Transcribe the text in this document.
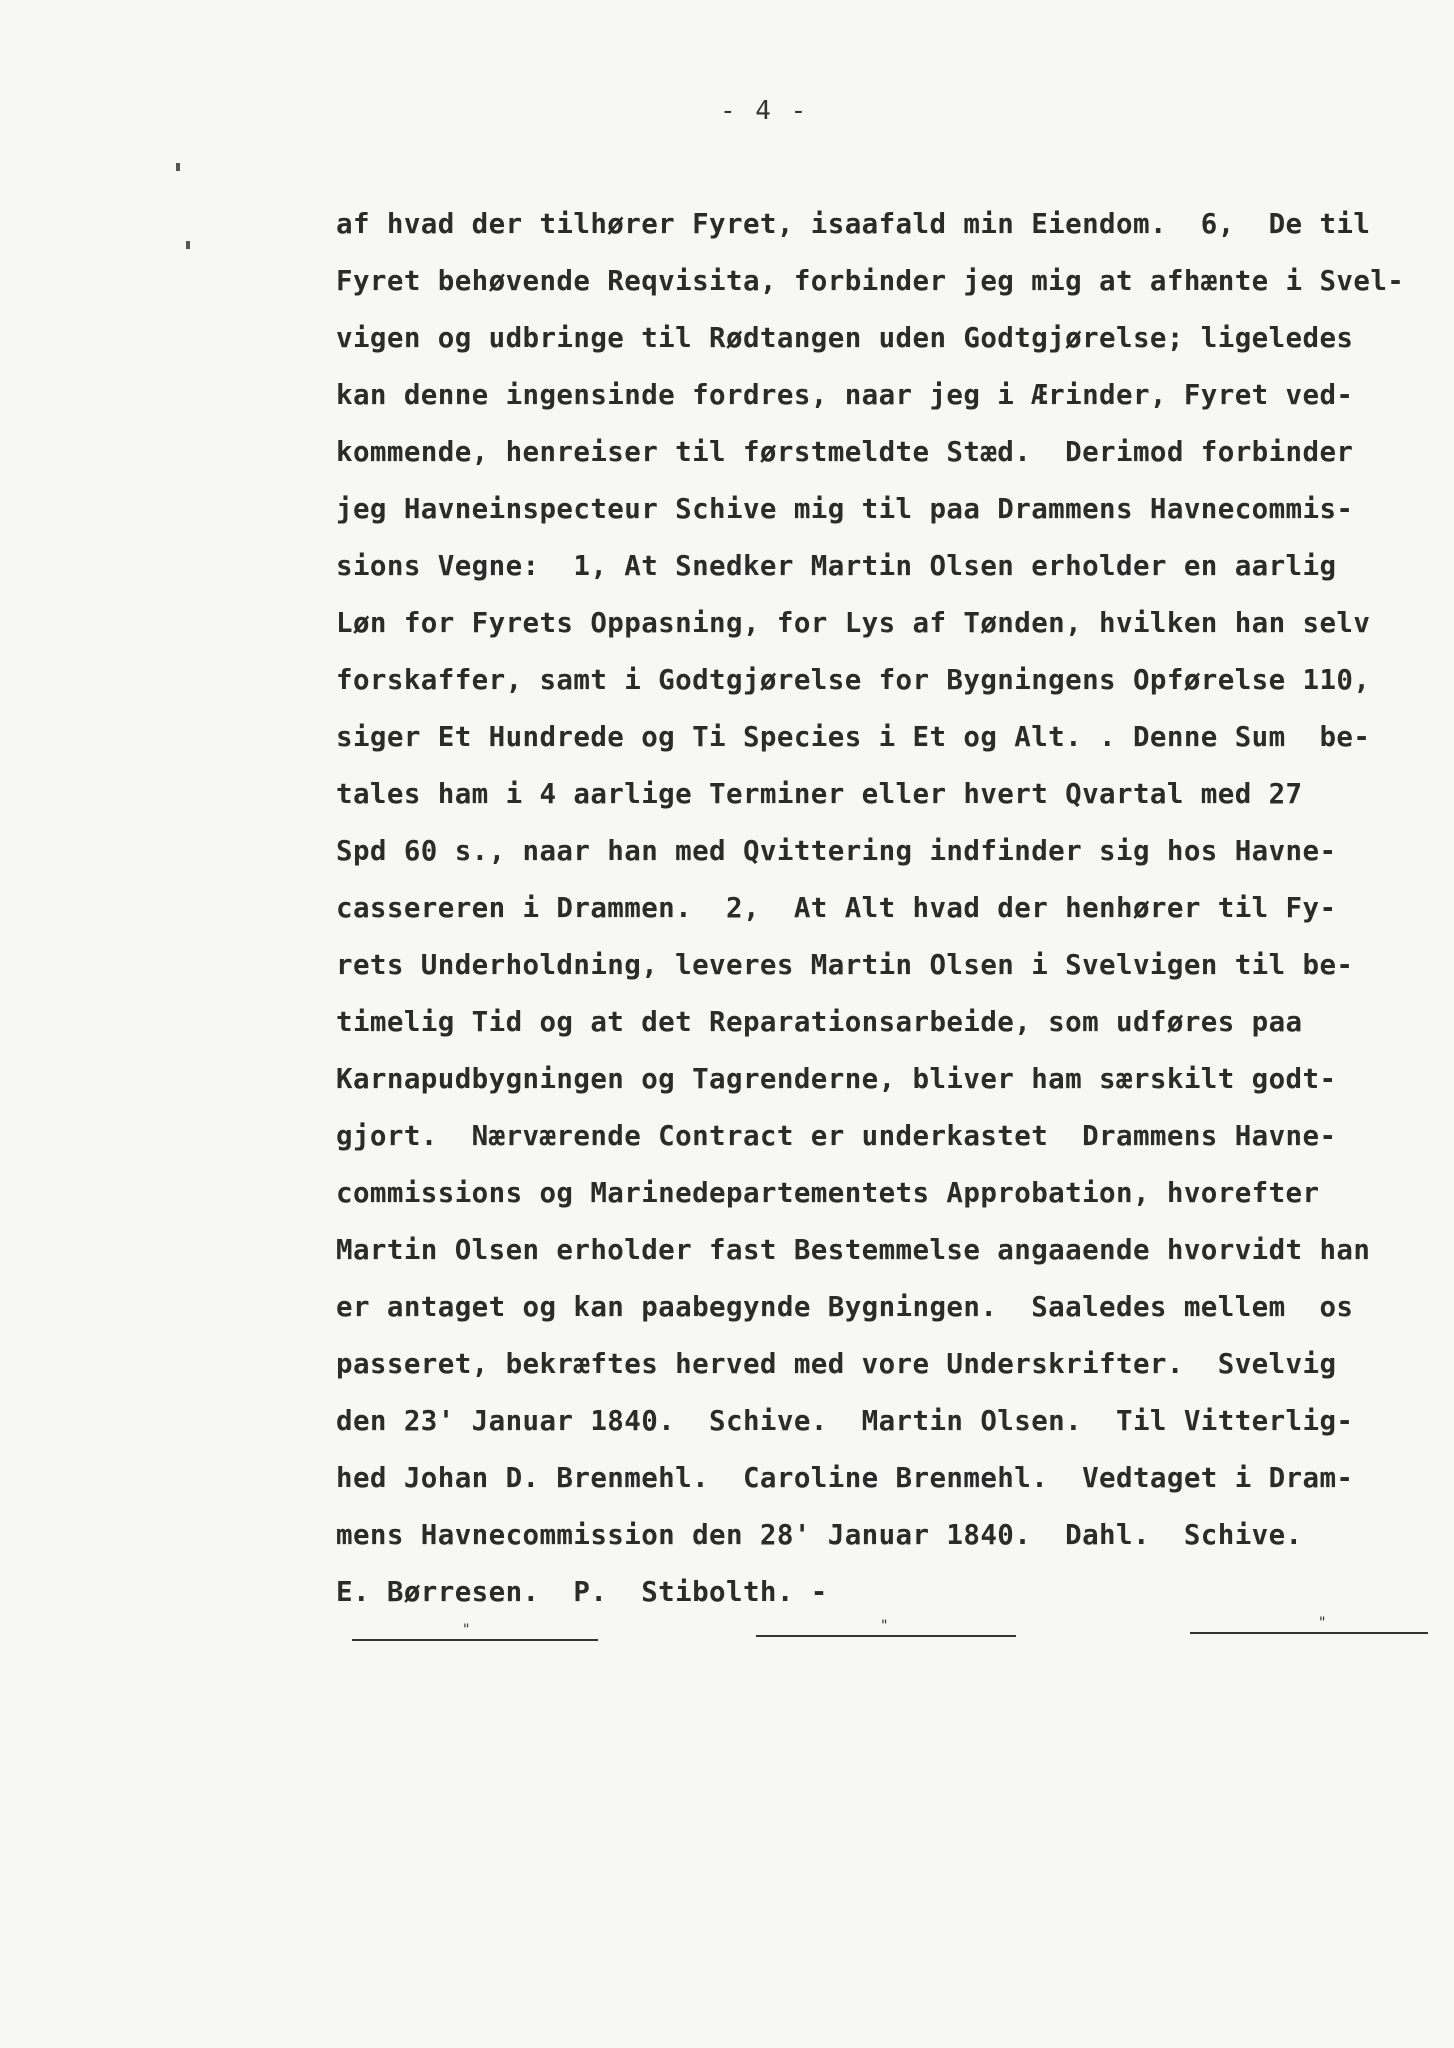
- 4 -
af hvad der tilhører Fyret, isaafald min Eiendom.  6,  De til
Fyret behøvende Reqvisita, forbinder jeg mig at afhænte i Svel-
vigen og udbringe til Rødtangen uden Godtgjørelse; ligeledes
kan denne ingensinde fordres, naar jeg i Ærinder, Fyret ved-
kommende, henreiser til førstmeldte Stæd.  Derimod forbinder
jeg Havneinspecteur Schive mig til paa Drammens Havnecommis-
sions Vegne:  1, At Snedker Martin Olsen erholder en aarlig
Løn for Fyrets Oppasning, for Lys af Tønden, hvilken han selv
forskaffer, samt i Godtgjørelse for Bygningens Opførelse 110,
siger Et Hundrede og Ti Species i Et og Alt. . Denne Sum  be-
tales ham i 4 aarlige Terminer eller hvert Qvartal med 27
Spd 60 s., naar han med Qvittering indfinder sig hos Havne-
cassereren i Drammen.  2,  At Alt hvad der henhører til Fy-
rets Underholdning, leveres Martin Olsen i Svelvigen til be-
timelig Tid og at det Reparationsarbeide, som udføres paa
Karnapudbygningen og Tagrenderne, bliver ham særskilt godt-
gjort.  Nærværende Contract er underkastet  Drammens Havne-
commissions og Marinedepartementets Approbation, hvorefter
Martin Olsen erholder fast Bestemmelse angaaende hvorvidt han
er antaget og kan paabegynde Bygningen.  Saaledes mellem  os
passeret, bekræftes herved med vore Underskrifter.  Svelvig
den 23' Januar 1840.  Schive.  Martin Olsen.  Til Vitterlig-
hed Johan D. Brenmehl.  Caroline Brenmehl.  Vedtaget i Dram-
mens Havnecommission den 28' Januar 1840.  Dahl.  Schive.
E. Børresen.  P.  Stibolth. -
"	"	"
